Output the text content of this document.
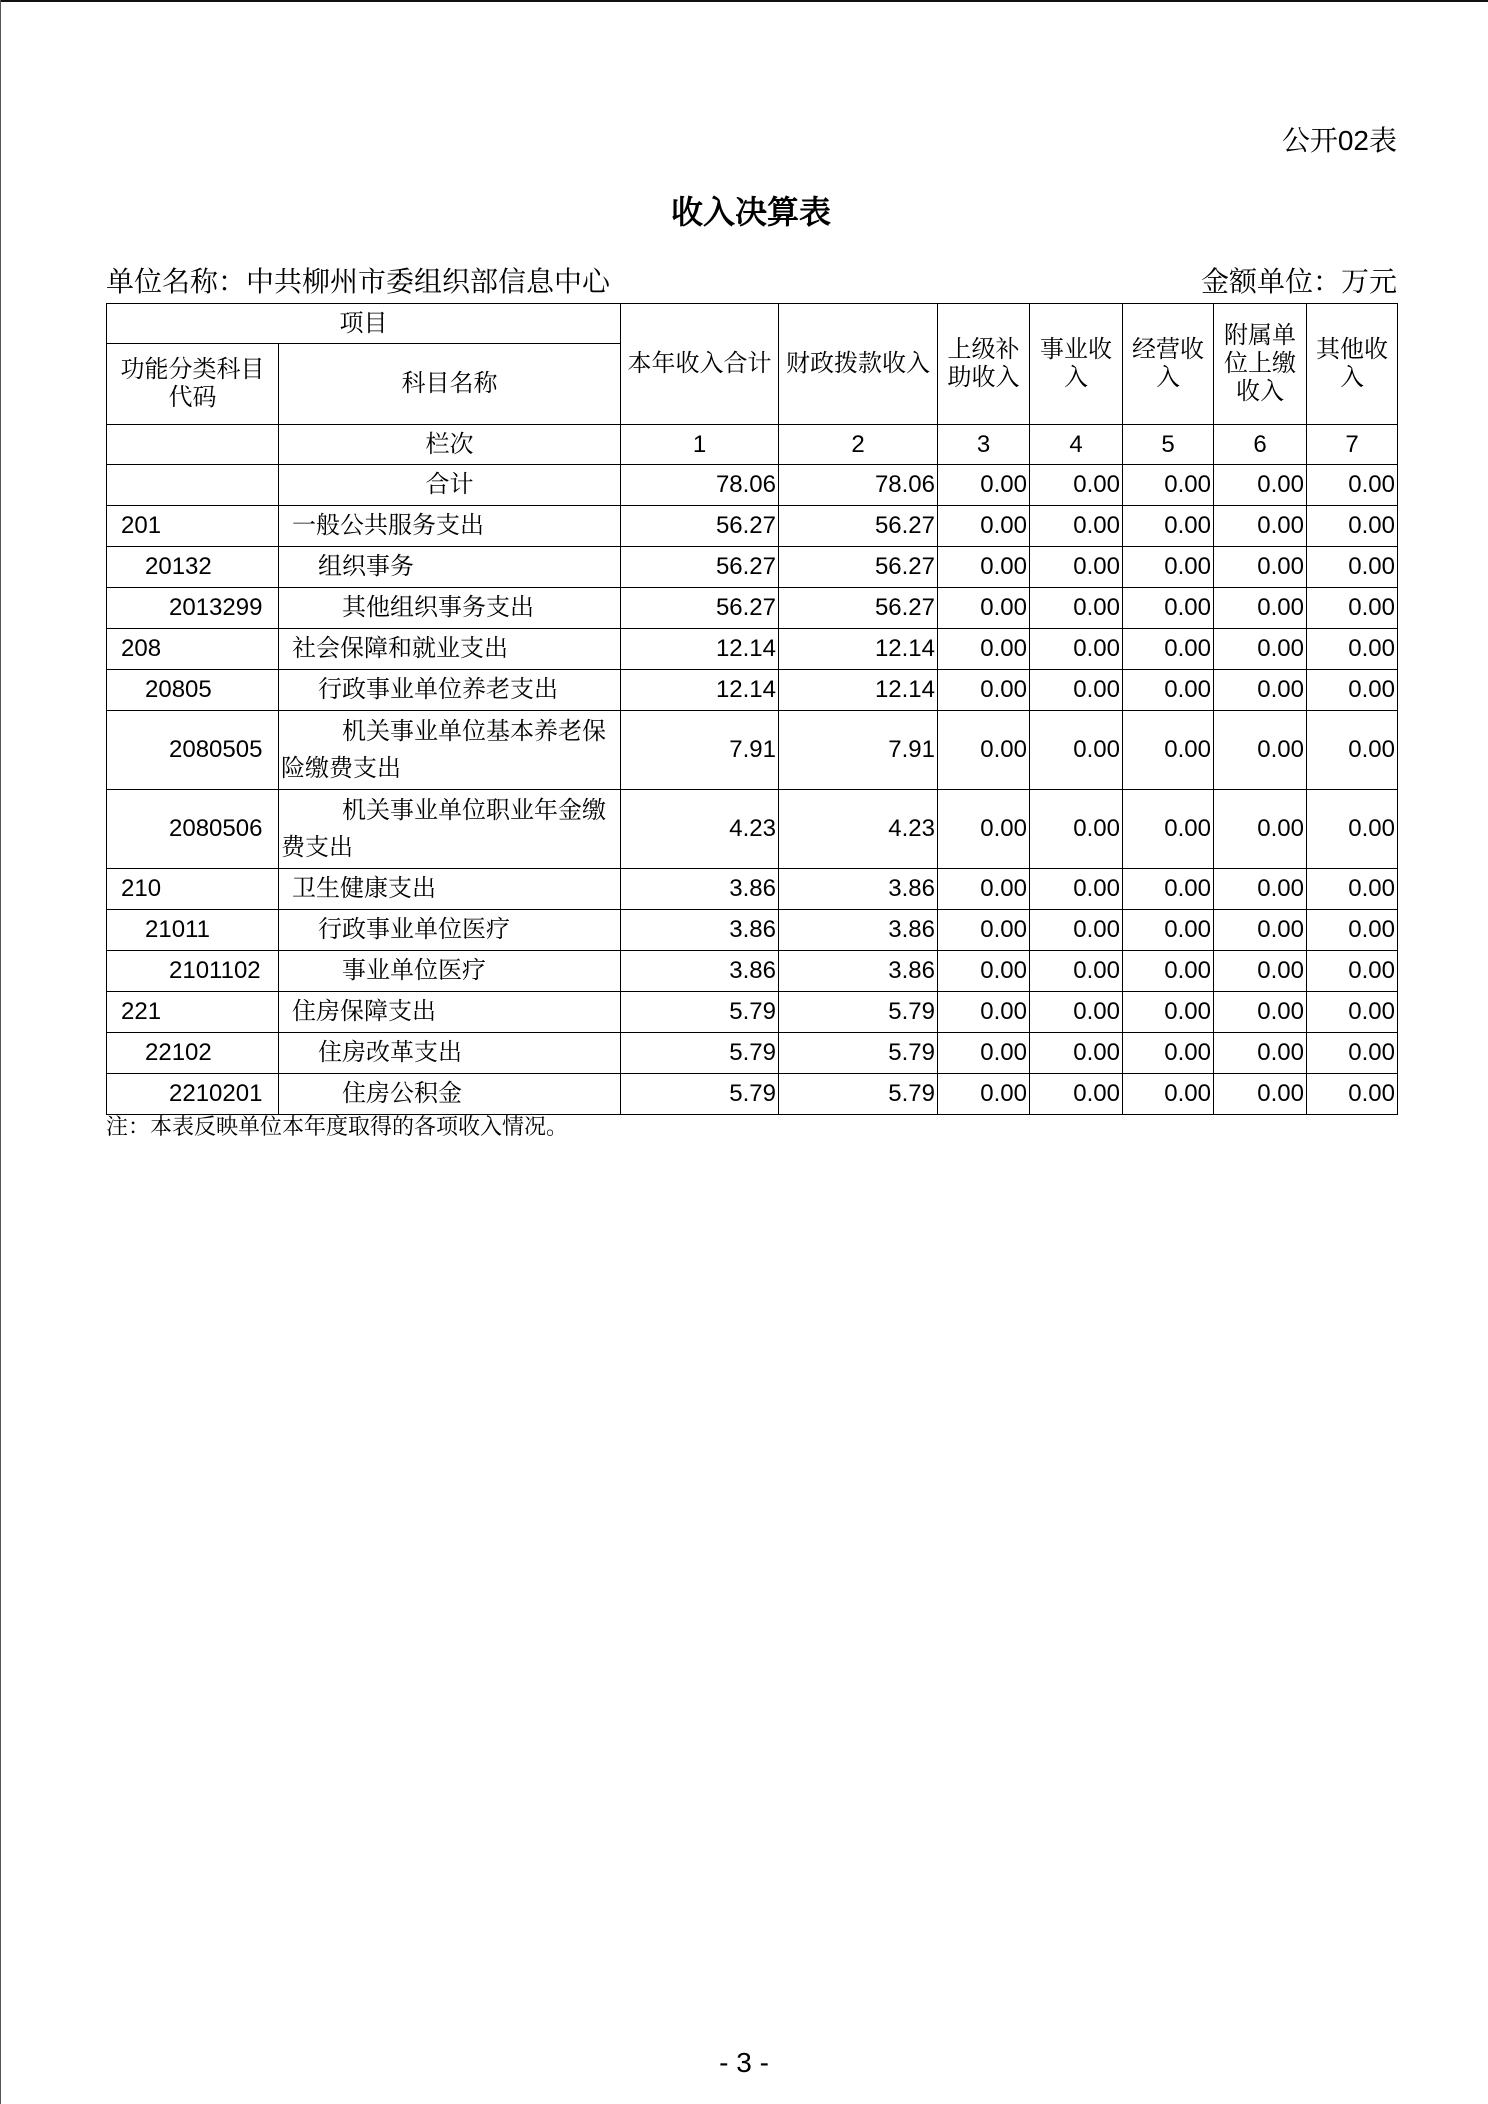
公开02表
收入决算表
单位名称：中共柳州市委组织部信息中心	金额单位：万元
项目		本年收入合计	财政拨款收入	上级补助收入	事业收入	经营收入	附属单位上缴收入	其他收入
功能分类科目代码	科目名称							
	栏次	1	2	3	4	5	6	7
	合计	78.06	78.06	0.00	0.00	0.00	0.00	0.00
201	一般公共服务支出	56.27	56.27	0.00	0.00	0.00	0.00	0.00
20132	组织事务	56.27	56.27	0.00	0.00	0.00	0.00	0.00
2013299	其他组织事务支出	56.27	56.27	0.00	0.00	0.00	0.00	0.00
208	社会保障和就业支出	12.14	12.14	0.00	0.00	0.00	0.00	0.00
20805	行政事业单位养老支出	12.14	12.14	0.00	0.00	0.00	0.00	0.00
2080505	机关事业单位基本养老保险缴费支出	7.91	7.91	0.00	0.00	0.00	0.00	0.00
2080506	机关事业单位职业年金缴费支出	4.23	4.23	0.00	0.00	0.00	0.00	0.00
210	卫生健康支出	3.86	3.86	0.00	0.00	0.00	0.00	0.00
21011	行政事业单位医疗	3.86	3.86	0.00	0.00	0.00	0.00	0.00
2101102	事业单位医疗	3.86	3.86	0.00	0.00	0.00	0.00	0.00
221	住房保障支出	5.79	5.79	0.00	0.00	0.00	0.00	0.00
22102	住房改革支出	5.79	5.79	0.00	0.00	0.00	0.00	0.00
2210201	住房公积金	5.79	5.79	0.00	0.00	0.00	0.00	0.00
注：本表反映单位本年度取得的各项收入情况。
- 3 -
